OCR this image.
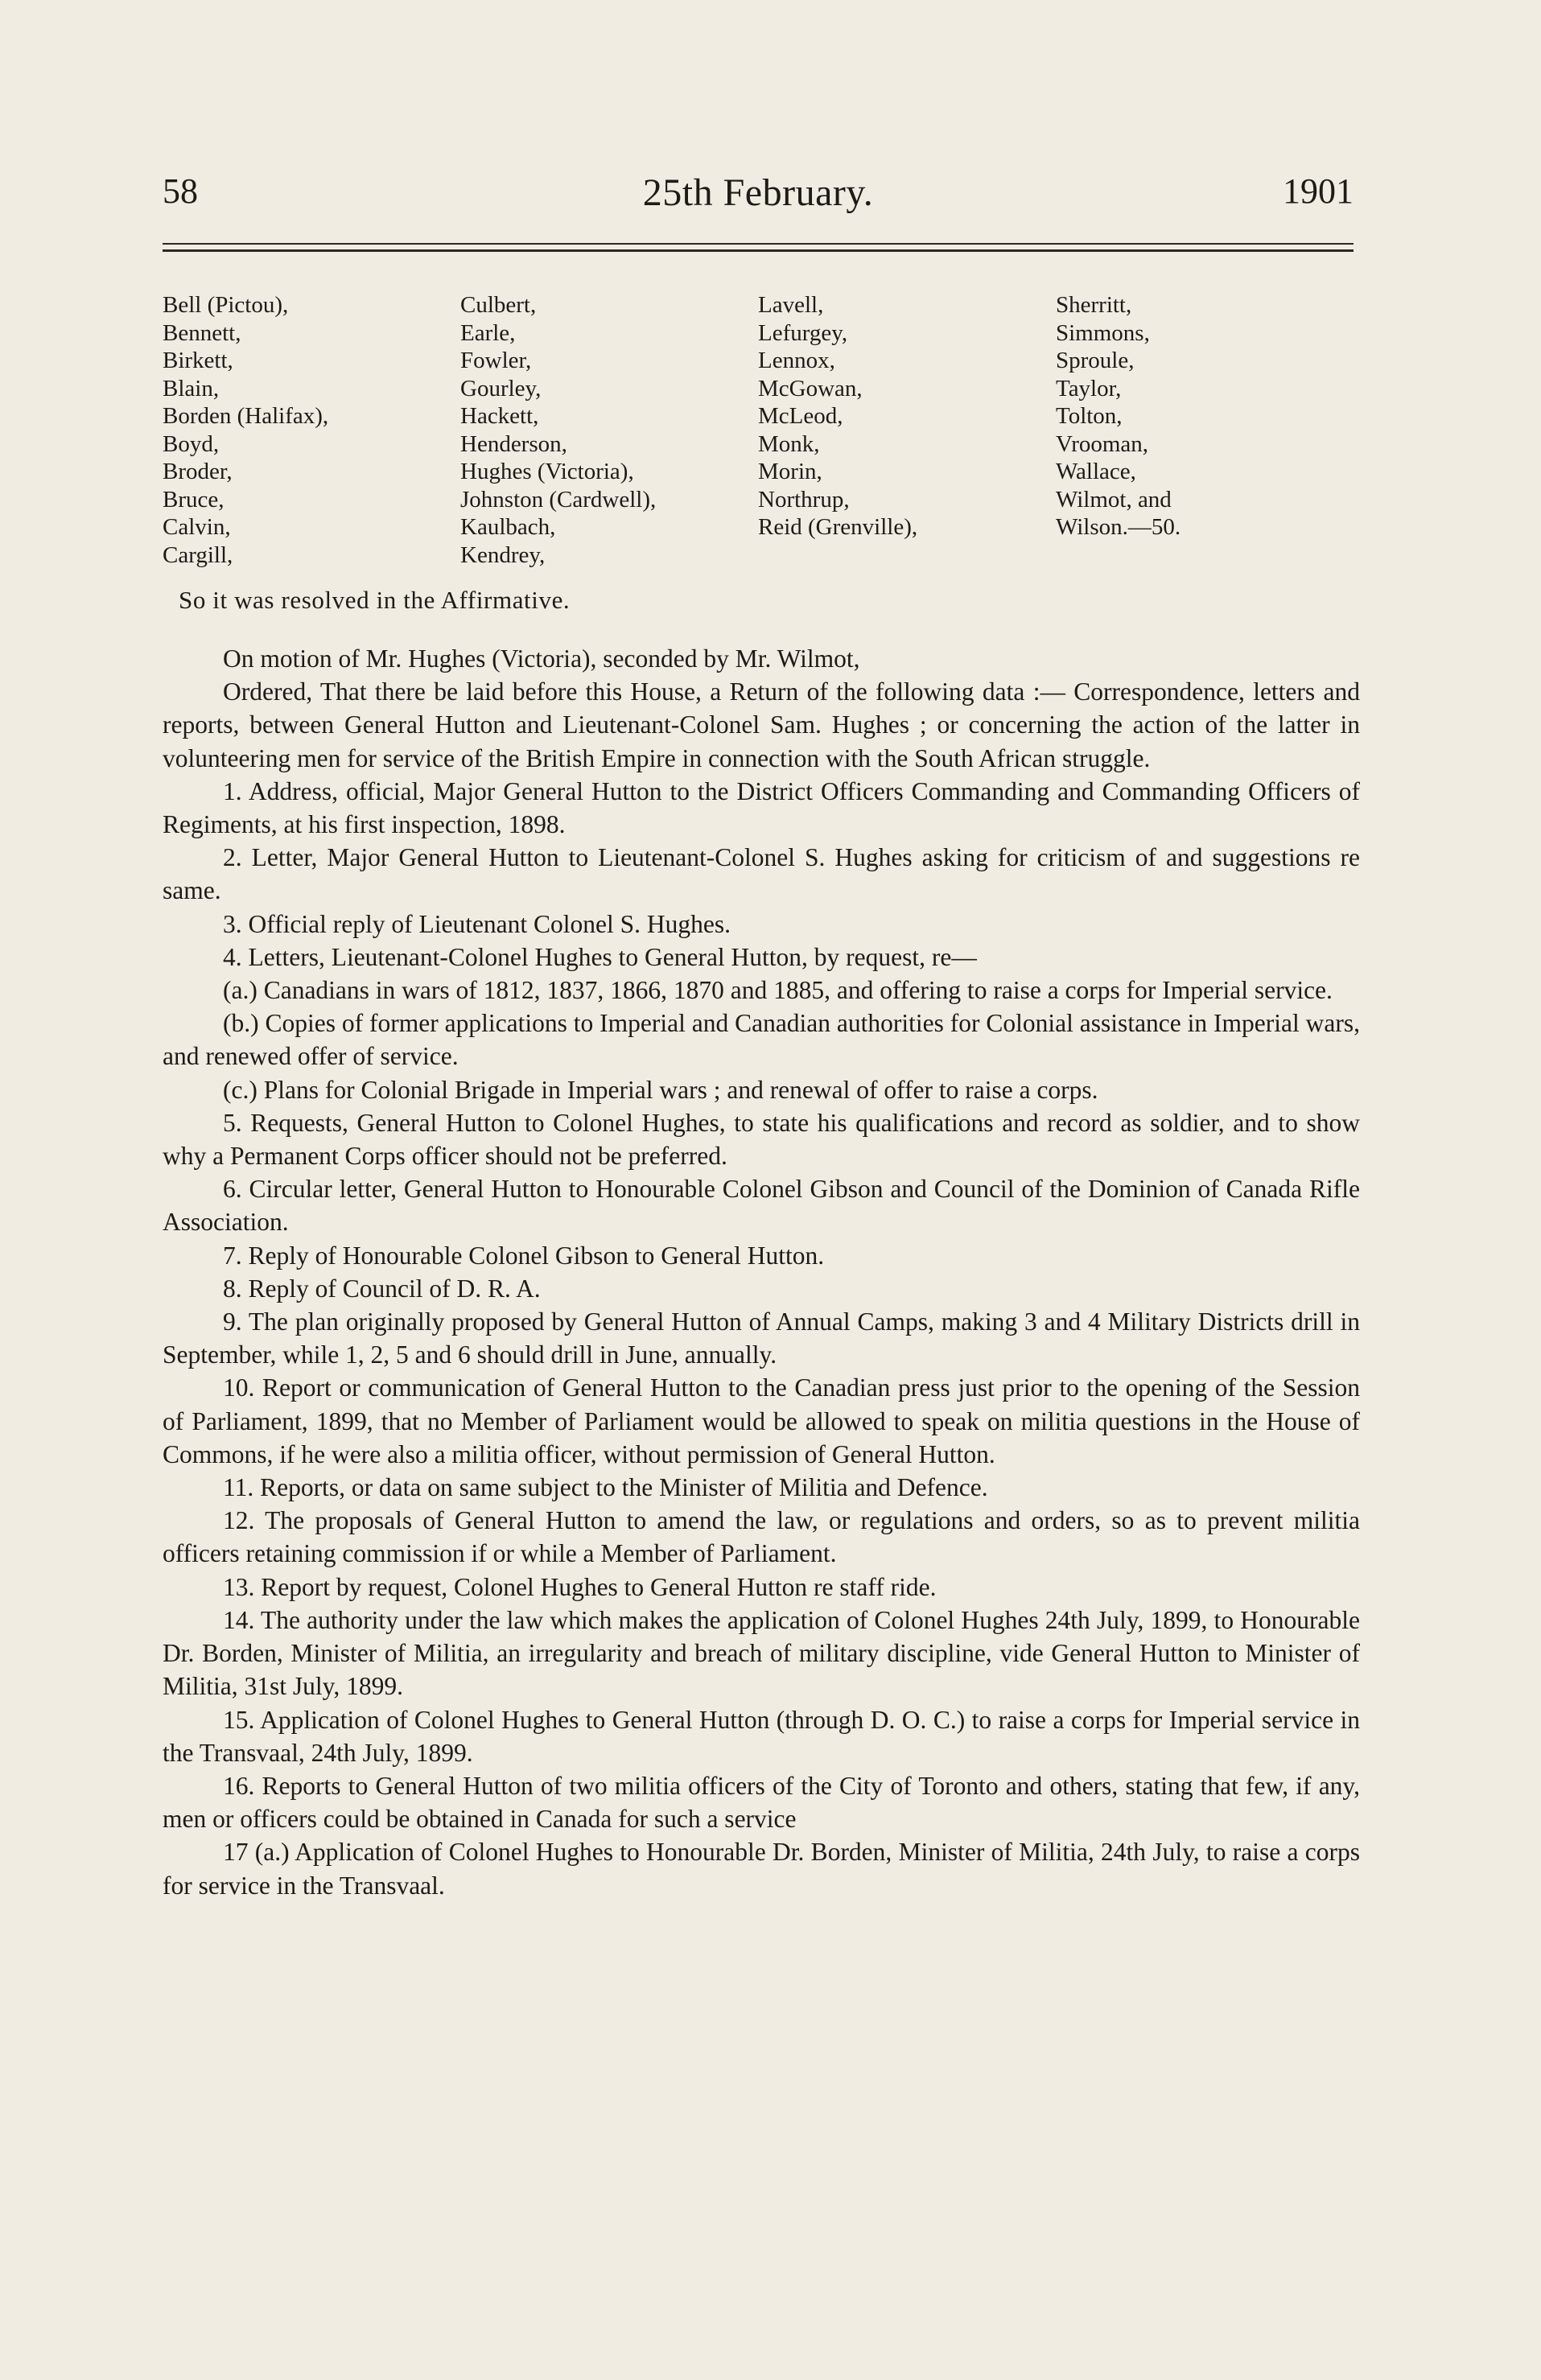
58	25th February.	1901
Bell (Pictou),
Bennett,
Birkett,
Blain,
Borden (Halifax),
Boyd,
Broder,
Bruce,
Calvin,
Cargill,
Culbert,
Earle,
Fowler,
Gourley,
Hackett,
Henderson,
Hughes (Victoria),
Johnston (Cardwell),
Kaulbach,
Kendrey,
Lavell,
Lefurgey,
Lennox,
McGowan,
McLeod,
Monk,
Morin,
Northrup,
Reid (Grenville),
Sherritt,
Simmons,
Sproule,
Taylor,
Tolton,
Vrooman,
Wallace,
Wilmot, and
Wilson.—50.
So it was resolved in the Affirmative.

On motion of Mr. Hughes (Victoria), seconded by Mr. Wilmot,

Ordered, That there be laid before this House, a Return of the following data :— Correspondence, letters and reports, between General Hutton and Lieutenant-Colonel Sam. Hughes ; or concerning the action of the latter in volunteering men for service of the British Empire in connection with the South African struggle.

1. Address, official, Major General Hutton to the District Officers Commanding and Commanding Officers of Regiments, at his first inspection, 1898.

2. Letter, Major General Hutton to Lieutenant-Colonel S. Hughes asking for criticism of and suggestions re same.

3. Official reply of Lieutenant Colonel S. Hughes.

4. Letters, Lieutenant-Colonel Hughes to General Hutton, by request, re—

(a.) Canadians in wars of 1812, 1837, 1866, 1870 and 1885, and offering to raise a corps for Imperial service.

(b.) Copies of former applications to Imperial and Canadian authorities for Colonial assistance in Imperial wars, and renewed offer of service.

(c.) Plans for Colonial Brigade in Imperial wars ; and renewal of offer to raise a corps.

5. Requests, General Hutton to Colonel Hughes, to state his qualifications and record as soldier, and to show why a Permanent Corps officer should not be preferred.

6. Circular letter, General Hutton to Honourable Colonel Gibson and Council of the Dominion of Canada Rifle Association.

7. Reply of Honourable Colonel Gibson to General Hutton.

8. Reply of Council of D. R. A.

9. The plan originally proposed by General Hutton of Annual Camps, making 3 and 4 Military Districts drill in September, while 1, 2, 5 and 6 should drill in June, annually.

10. Report or communication of General Hutton to the Canadian press just prior to the opening of the Session of Parliament, 1899, that no Member of Parliament would be allowed to speak on militia questions in the House of Commons, if he were also a militia officer, without permission of General Hutton.

11. Reports, or data on same subject to the Minister of Militia and Defence.

12. The proposals of General Hutton to amend the law, or regulations and orders, so as to prevent militia officers retaining commission if or while a Member of Parliament.

13. Report by request, Colonel Hughes to General Hutton re staff ride.

14. The authority under the law which makes the application of Colonel Hughes 24th July, 1899, to Honourable Dr. Borden, Minister of Militia, an irregularity and breach of military discipline, vide General Hutton to Minister of Militia, 31st July, 1899.

15. Application of Colonel Hughes to General Hutton (through D. O. C.) to raise a corps for Imperial service in the Transvaal, 24th July, 1899.

16. Reports to General Hutton of two militia officers of the City of Toronto and others, stating that few, if any, men or officers could be obtained in Canada for such a service

17 (a.) Application of Colonel Hughes to Honourable Dr. Borden, Minister of Militia, 24th July, to raise a corps for service in the Transvaal.
